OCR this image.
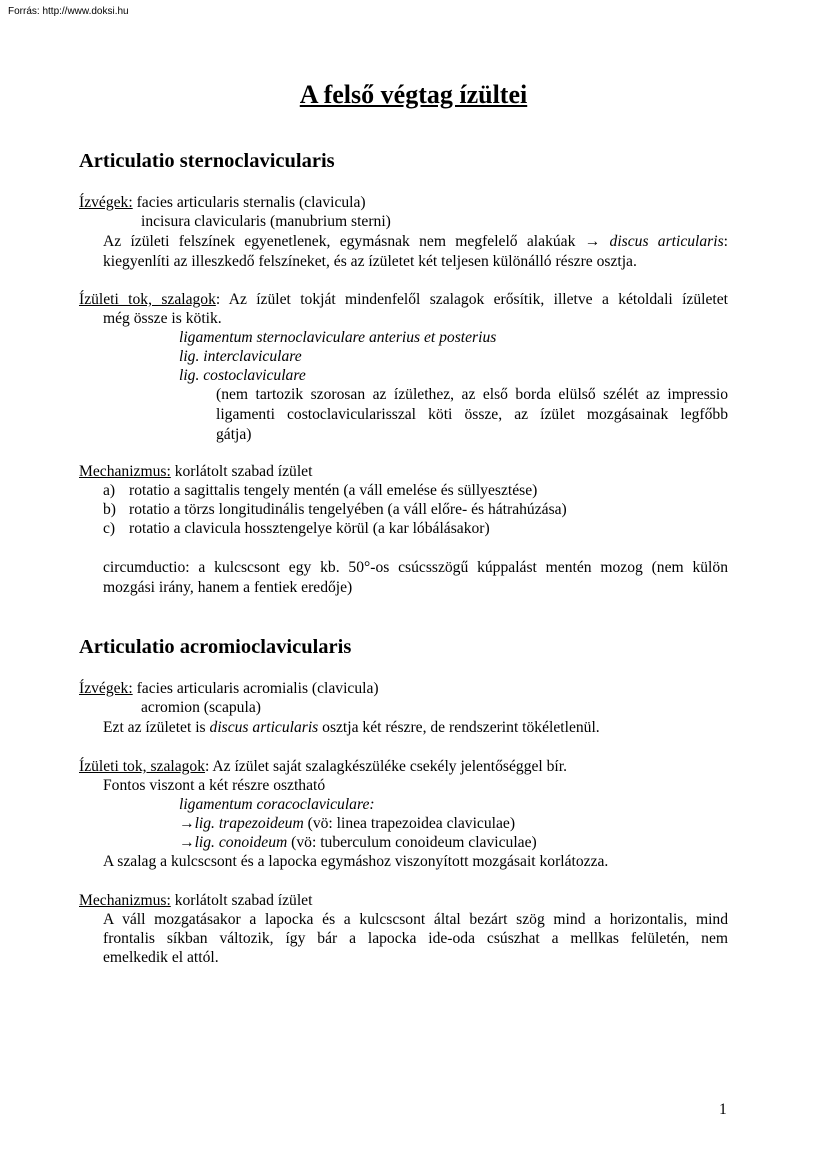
Forrás: http://www.doksi.hu
A felső végtag ízültei
Articulatio sternoclavicularis
Ízvégek: facies articularis sternalis (clavicula)
incisura clavicularis (manubrium sterni)
Az ízületi felszínek egyenetlenek, egymásnak nem megfelelő alakúak → discus articularis:
kiegyenlíti az illeszkedő felszíneket, és az ízületet két teljesen különálló részre osztja.
Ízületi tok, szalagok: Az ízület tokját mindenfelől szalagok erősítik, illetve a kétoldali ízületet
még össze is kötik.
ligamentum sternoclaviculare anterius et posterius
lig. interclaviculare
lig. costoclaviculare
(nem tartozik szorosan az ízülethez, az első borda elülső szélét az impressio
ligamenti costoclavicularisszal köti össze, az ízület mozgásainak legfőbb
gátja)
Mechanizmus: korlátolt szabad ízület
a) rotatio a sagittalis tengely mentén (a váll emelése és süllyesztése)
b) rotatio a törzs longitudinális tengelyében (a váll előre- és hátrahúzása)
c) rotatio a clavicula hossztengelye körül (a kar lóbálásakor)
circumductio: a kulcscsont egy kb. 50°-os csúcsszögű kúppalást mentén mozog (nem külön
mozgási irány, hanem a fentiek eredője)
Articulatio acromioclavicularis
Ízvégek: facies articularis acromialis (clavicula)
acromion (scapula)
Ezt az ízületet is discus articularis osztja két részre, de rendszerint tökéletlenül.
Ízületi tok, szalagok: Az ízület saját szalagkészüléke csekély jelentőséggel bír.
Fontos viszont a két részre osztható
ligamentum coracoclaviculare:
→lig. trapezoideum (vö: linea trapezoidea claviculae)
→lig. conoideum (vö: tuberculum conoideum claviculae)
A szalag a kulcscsont és a lapocka egymáshoz viszonyított mozgásait korlátozza.
Mechanizmus: korlátolt szabad ízület
A váll mozgatásakor a lapocka és a kulcscsont által bezárt szög mind a horizontalis, mind
frontalis síkban változik, így bár a lapocka ide-oda csúszhat a mellkas felületén, nem
emelkedik el attól.
1
